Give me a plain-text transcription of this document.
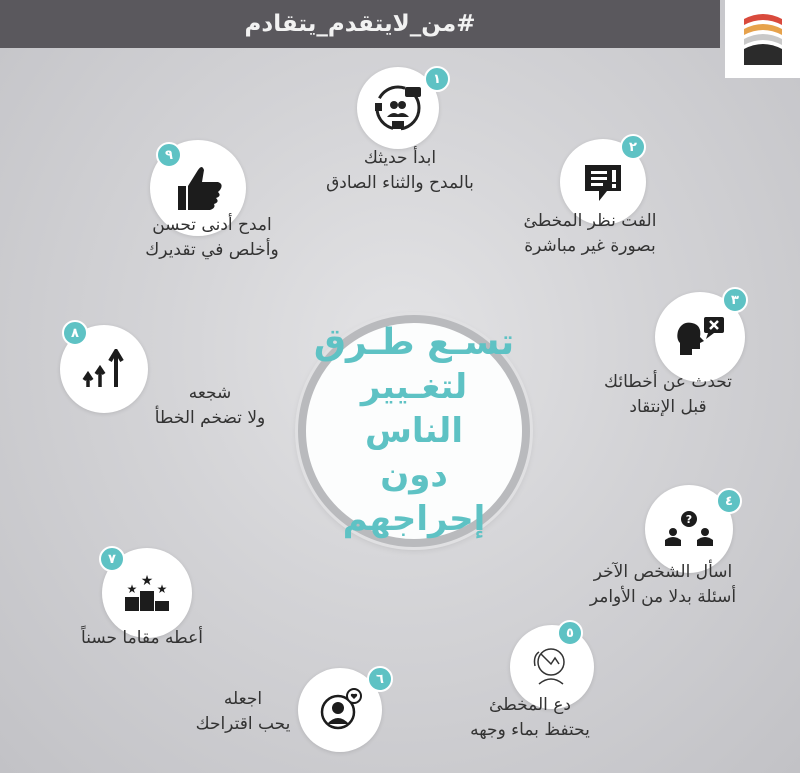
#من_لايتقدم_يتقادم
تسـع طـرق
لتغـيير الناس
دون إحراجهم
١
ابدأ حديثك
بالمدح والثناء الصادق
٢
الفت نظر المخطئ
بصورة غير مباشرة
٣
تحدث عن أخطائك
قبل الإنتقاد
?
٤
اسأل الشخص الآخر
أسئلة بدلا من الأوامر
٥
دع المخطئ
يحتفظ بماء وجهه
٦
اجعله
يحب اقتراحك
★
★ ★
٧
أعطه مقاما حسناً
٨
شجعه
ولا تضخم الخطأ
٩
امدح أدنى تحسن
وأخلص في تقديرك
